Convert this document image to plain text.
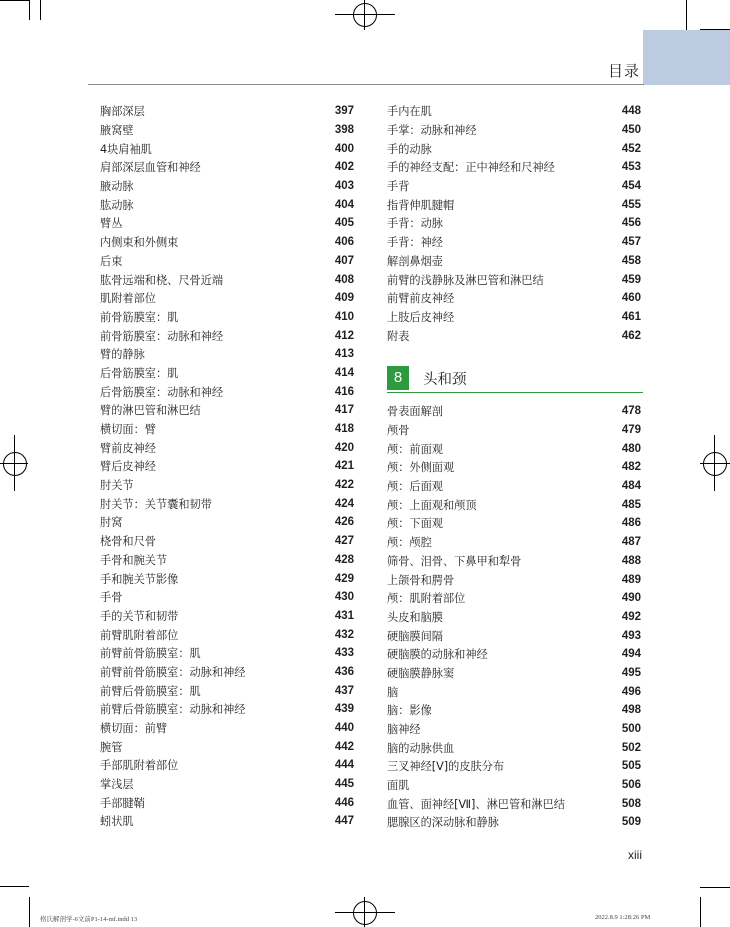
目录
胸部深层	397
腋窝壁	398
4块肩袖肌	400
肩部深层血管和神经	402
腋动脉	403
肱动脉	404
臂丛	405
内侧束和外侧束	406
后束	407
肱骨远端和桡、尺骨近端	408
肌附着部位	409
前骨筋膜室：肌	410
前骨筋膜室：动脉和神经	412
臂的静脉	413
后骨筋膜室：肌	414
后骨筋膜室：动脉和神经	416
臂的淋巴管和淋巴结	417
横切面：臂	418
臂前皮神经	420
臂后皮神经	421
肘关节	422
肘关节：关节囊和韧带	424
肘窝	426
桡骨和尺骨	427
手骨和腕关节	428
手和腕关节影像	429
手骨	430
手的关节和韧带	431
前臂肌附着部位	432
前臂前骨筋膜室：肌	433
前臂前骨筋膜室：动脉和神经	436
前臂后骨筋膜室：肌	437
前臂后骨筋膜室：动脉和神经	439
横切面：前臂	440
腕管	442
手部肌附着部位	444
掌浅层	445
手部腱鞘	446
蚓状肌	447
手内在肌	448
手掌：动脉和神经	450
手的动脉	452
手的神经支配：正中神经和尺神经	453
手背	454
指背伸肌腱帽	455
手背：动脉	456
手背：神经	457
解剖鼻烟壶	458
前臂的浅静脉及淋巴管和淋巴结	459
前臂前皮神经	460
上肢后皮神经	461
附表	462
8	头和颈
骨表面解剖	478
颅骨	479
颅：前面观	480
颅：外侧面观	482
颅：后面观	484
颅：上面观和颅顶	485
颅：下面观	486
颅：颅腔	487
筛骨、泪骨、下鼻甲和犁骨	488
上颌骨和腭骨	489
颅：肌附着部位	490
头皮和脑膜	492
硬脑膜间隔	493
硬脑膜的动脉和神经	494
硬脑膜静脉窦	495
脑	496
脑：影像	498
脑神经	500
脑的动脉供血	502
三叉神经[Ⅴ]的皮肤分布	505
面肌	506
血管、面神经[Ⅶ]、淋巴管和淋巴结	508
腮腺区的深动脉和静脉	509
xiii
格氏解剖学-6文前P1-14-mf.indd 13	2022.8.9 1:28:26 PM
